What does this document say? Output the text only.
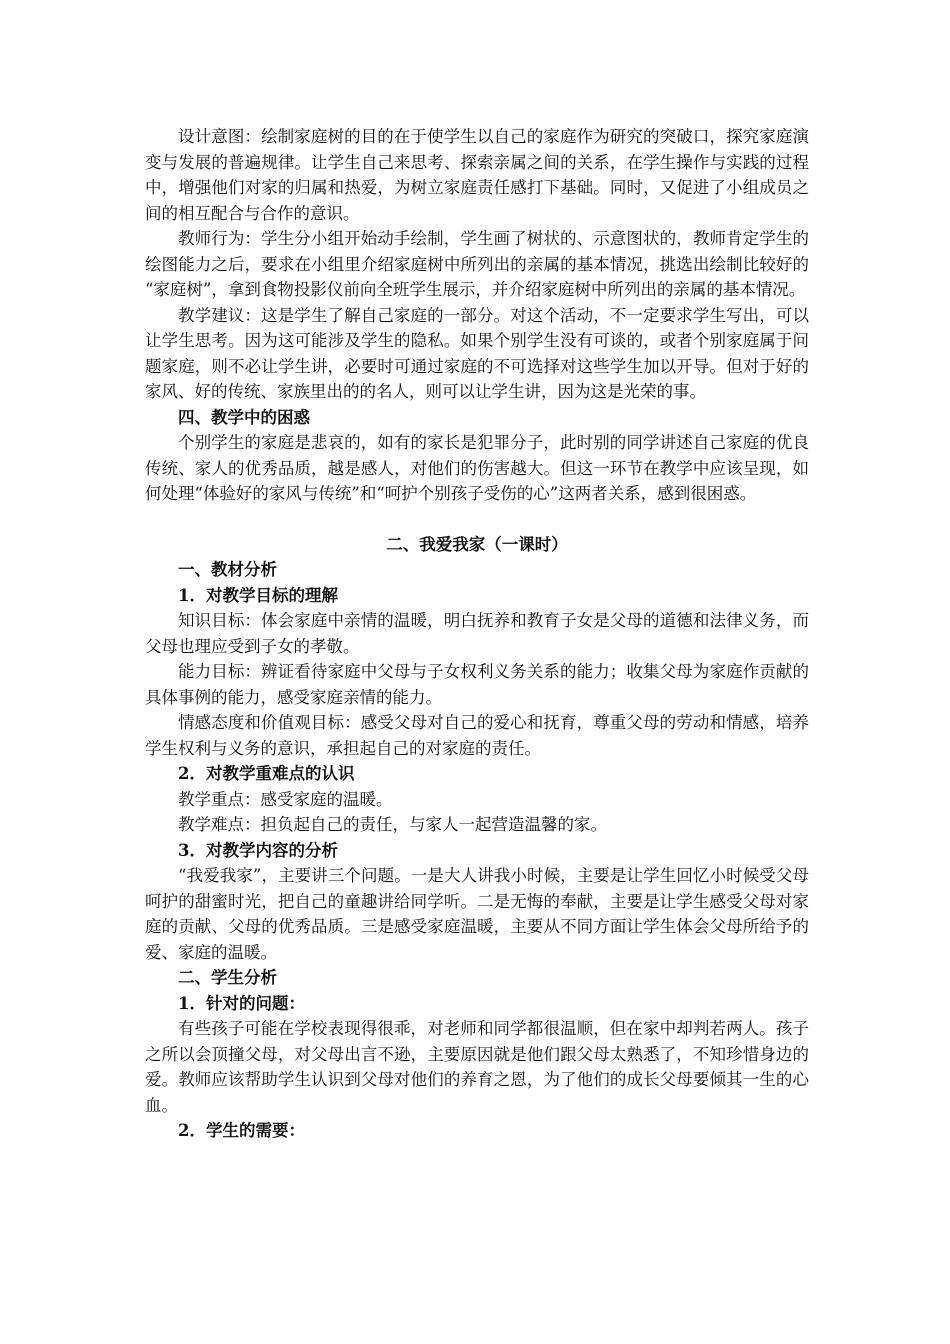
设计意图：绘制家庭树的目的在于使学生以自己的家庭作为研究的突破口，探究家庭演变与发展的普遍规律。让学生自己来思考、探索亲属之间的关系，在学生操作与实践的过程中，增强他们对家的归属和热爱，为树立家庭责任感打下基础。同时，又促进了小组成员之间的相互配合与合作的意识。

教师行为：学生分小组开始动手绘制，学生画了树状的、示意图状的，教师肯定学生的绘图能力之后，要求在小组里介绍家庭树中所列出的亲属的基本情况，挑选出绘制比较好的“家庭树”，拿到食物投影仪前向全班学生展示，并介绍家庭树中所列出的亲属的基本情况。

教学建议：这是学生了解自己家庭的一部分。对这个活动，不一定要求学生写出，可以让学生思考。因为这可能涉及学生的隐私。如果个别学生没有可谈的，或者个别家庭属于问题家庭，则不必让学生讲，必要时可通过家庭的不可选择对这些学生加以开导。但对于好的家风、好的传统、家族里出的的名人，则可以让学生讲，因为这是光荣的事。

四、教学中的困惑

个别学生的家庭是悲哀的，如有的家长是犯罪分子，此时别的同学讲述自己家庭的优良传统、家人的优秀品质，越是感人，对他们的伤害越大。但这一环节在教学中应该呈现，如何处理“体验好的家风与传统”和“呵护个别孩子受伤的心”这两者关系，感到很困惑。

二、我爱我家（一课时）

一、教材分析

1．对教学目标的理解

知识目标：体会家庭中亲情的温暖，明白抚养和教育子女是父母的道德和法律义务，而父母也理应受到子女的孝敬。

能力目标：辨证看待家庭中父母与子女权利义务关系的能力；收集父母为家庭作贡献的具体事例的能力，感受家庭亲情的能力。

情感态度和价值观目标：感受父母对自己的爱心和抚育，尊重父母的劳动和情感，培养学生权利与义务的意识，承担起自己的对家庭的责任。

2．对教学重难点的认识

教学重点：感受家庭的温暖。

教学难点：担负起自己的责任，与家人一起营造温馨的家。

3．对教学内容的分析

“我爱我家”，主要讲三个问题。一是大人讲我小时候，主要是让学生回忆小时候受父母呵护的甜蜜时光，把自己的童趣讲给同学听。二是无悔的奉献，主要是让学生感受父母对家庭的贡献、父母的优秀品质。三是感受家庭温暖，主要从不同方面让学生体会父母所给予的爱、家庭的温暖。

二、学生分析

1．针对的问题：

有些孩子可能在学校表现得很乖，对老师和同学都很温顺，但在家中却判若两人。孩子之所以会顶撞父母，对父母出言不逊，主要原因就是他们跟父母太熟悉了，不知珍惜身边的爱。教师应该帮助学生认识到父母对他们的养育之恩，为了他们的成长父母要倾其一生的心血。

2．学生的需要：
